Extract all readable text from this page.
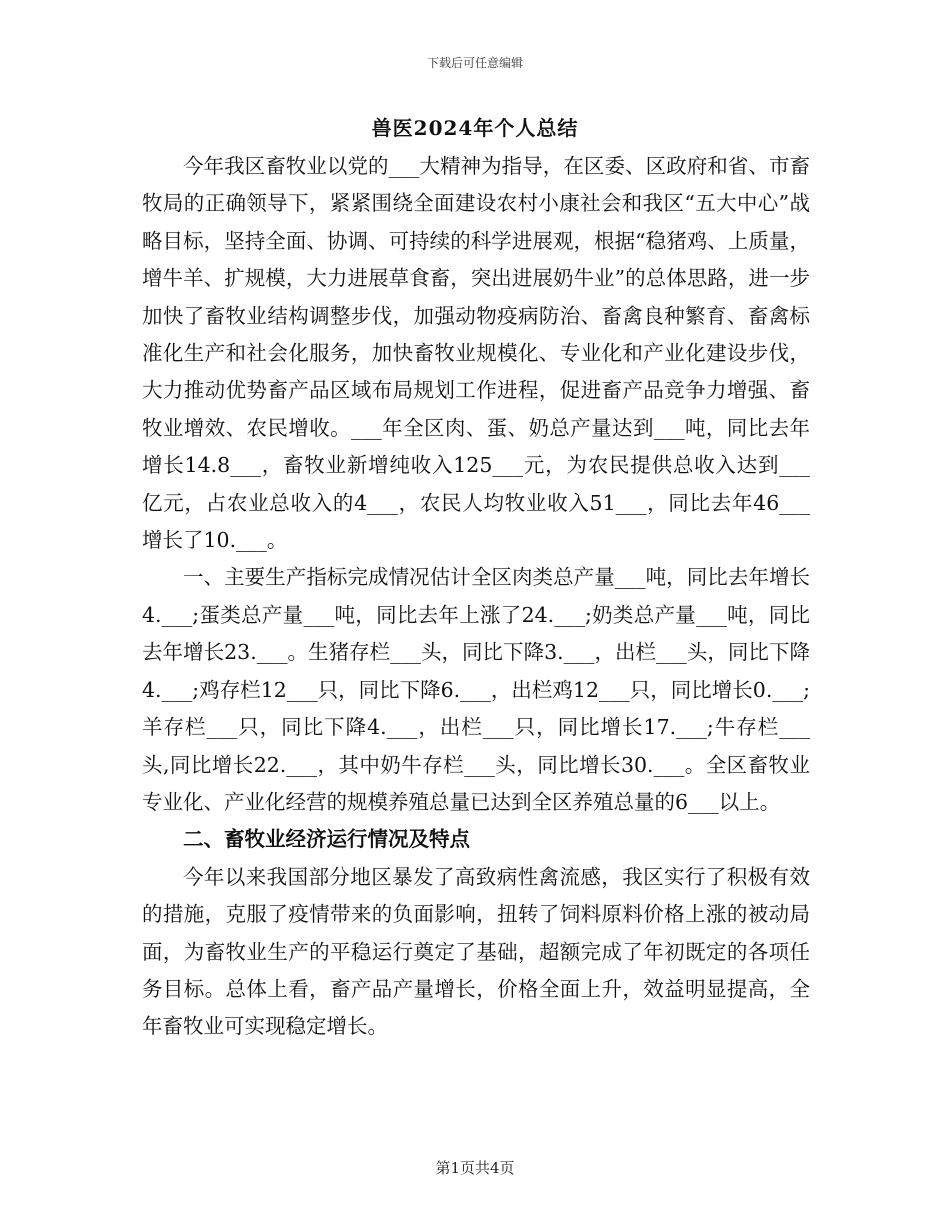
下载后可任意编辑
兽医2024年个人总结

今年我区畜牧业以党的___大精神为指导，在区委、区政府和省、市畜牧局的正确领导下，紧紧围绕全面建设农村小康社会和我区“五大中心”战略目标，坚持全面、协调、可持续的科学进展观，根据“稳猪鸡、上质量，增牛羊、扩规模，大力进展草食畜，突出进展奶牛业”的总体思路，进一步加快了畜牧业结构调整步伐，加强动物疫病防治、畜禽良种繁育、畜禽标准化生产和社会化服务，加快畜牧业规模化、专业化和产业化建设步伐，大力推动优势畜产品区域布局规划工作进程，促进畜产品竞争力增强、畜牧业增效、农民增收。___年全区肉、蛋、奶总产量达到___吨，同比去年增长14.8___，畜牧业新增纯收入125___元，为农民提供总收入达到___亿元，占农业总收入的4___，农民人均牧业收入51___，同比去年46___增长了10.___。

一、主要生产指标完成情况估计全区肉类总产量___吨，同比去年增长4.___;蛋类总产量___吨，同比去年上涨了24.___;奶类总产量___吨，同比去年增长23.___。生猪存栏___头，同比下降3.___，出栏___头，同比下降4.___;鸡存栏12___只，同比下降6.___，出栏鸡12___只，同比增长0.___;羊存栏___只，同比下降4.___，出栏___只，同比增长17.___;牛存栏___头,同比增长22.___，其中奶牛存栏___头，同比增长30.___。全区畜牧业专业化、产业化经营的规模养殖总量已达到全区养殖总量的6___以上。

二、畜牧业经济运行情况及特点

今年以来我国部分地区暴发了高致病性禽流感，我区实行了积极有效的措施，克服了疫情带来的负面影响，扭转了饲料原料价格上涨的被动局面，为畜牧业生产的平稳运行奠定了基础，超额完成了年初既定的各项任务目标。总体上看，畜产品产量增长，价格全面上升，效益明显提高，全年畜牧业可实现稳定增长。

第1页共4页
